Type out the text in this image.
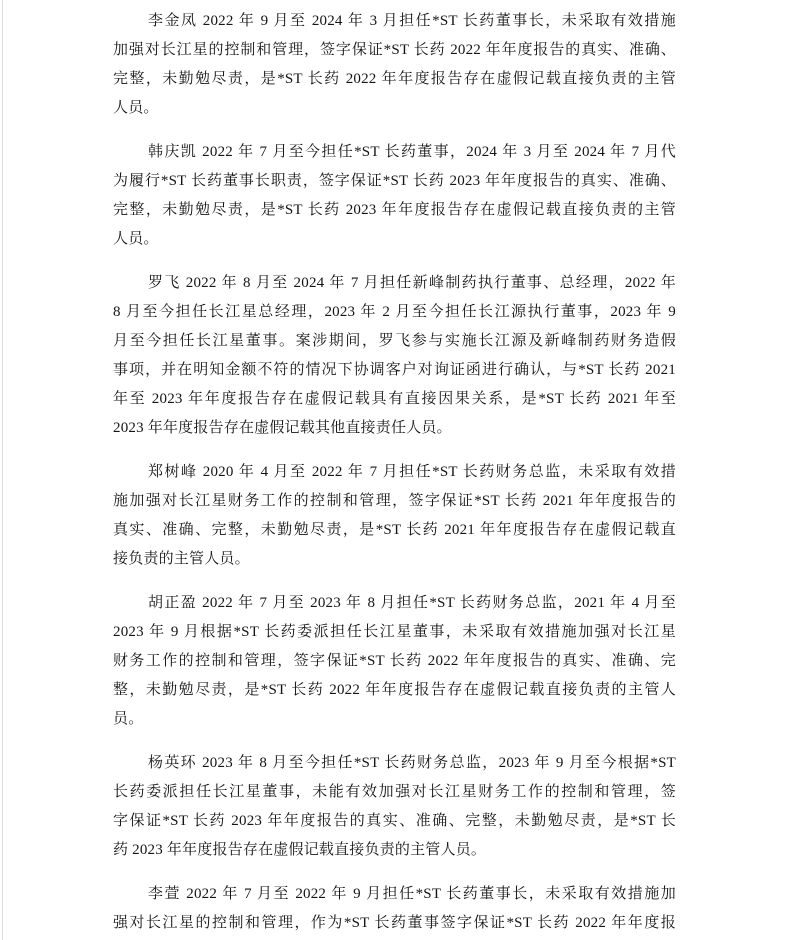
李金凤 2022 年 9 月至 2024 年 3 月担任*ST 长药董事长，未采取有效措施
加强对长江星的控制和管理，签字保证*ST 长药 2022 年年度报告的真实、准确、
完整，未勤勉尽责，是*ST 长药 2022 年年度报告存在虚假记载直接负责的主管
人员。
韩庆凯 2022 年 7 月至今担任*ST 长药董事，2024 年 3 月至 2024 年 7 月代
为履行*ST 长药董事长职责，签字保证*ST 长药 2023 年年度报告的真实、准确、
完整，未勤勉尽责，是*ST 长药 2023 年年度报告存在虚假记载直接负责的主管
人员。
罗飞 2022 年 8 月至 2024 年 7 月担任新峰制药执行董事、总经理，2022 年
8 月至今担任长江星总经理，2023 年 2 月至今担任长江源执行董事，2023 年 9
月至今担任长江星董事。案涉期间，罗飞参与实施长江源及新峰制药财务造假
事项，并在明知金额不符的情况下协调客户对询证函进行确认，与*ST 长药 2021
年至 2023 年年度报告存在虚假记载具有直接因果关系，是*ST 长药 2021 年至
2023 年年度报告存在虚假记载其他直接责任人员。
郑树峰 2020 年 4 月至 2022 年 7 月担任*ST 长药财务总监，未采取有效措
施加强对长江星财务工作的控制和管理，签字保证*ST 长药 2021 年年度报告的
真实、准确、完整，未勤勉尽责，是*ST 长药 2021 年年度报告存在虚假记载直
接负责的主管人员。
胡正盈 2022 年 7 月至 2023 年 8 月担任*ST 长药财务总监，2021 年 4 月至
2023 年 9 月根据*ST 长药委派担任长江星董事，未采取有效措施加强对长江星
财务工作的控制和管理，签字保证*ST 长药 2022 年年度报告的真实、准确、完
整，未勤勉尽责，是*ST 长药 2022 年年度报告存在虚假记载直接负责的主管人
员。
杨英环 2023 年 8 月至今担任*ST 长药财务总监，2023 年 9 月至今根据*ST
长药委派担任长江星董事，未能有效加强对长江星财务工作的控制和管理，签
字保证*ST 长药 2023 年年度报告的真实、准确、完整，未勤勉尽责，是*ST 长
药 2023 年年度报告存在虚假记载直接负责的主管人员。
李萱 2022 年 7 月至 2022 年 9 月担任*ST 长药董事长，未采取有效措施加
强对长江星的控制和管理，作为*ST 长药董事签字保证*ST 长药 2022 年年度报
